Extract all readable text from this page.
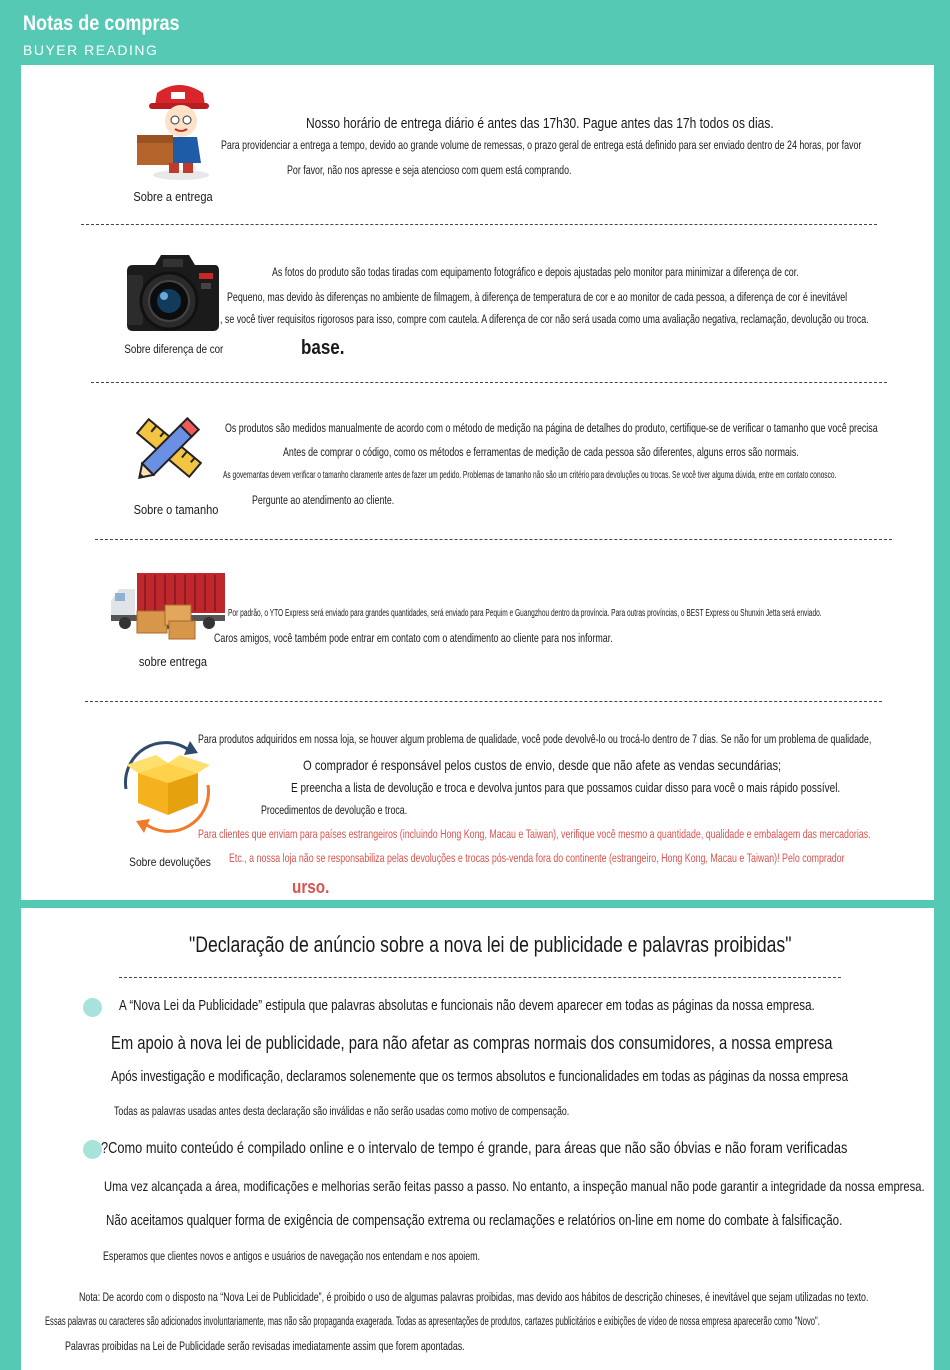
Notas de compras
BUYER READING
Sobre a entrega
Nosso horário de entrega diário é antes das 17h30. Pague antes das 17h todos os dias.
Para providenciar a entrega a tempo, devido ao grande volume de remessas, o prazo geral de entrega está definido para ser enviado dentro de 24 horas, por favor
Por favor, não nos apresse e seja atencioso com quem está comprando.
Sobre diferença de cor
As fotos do produto são todas tiradas com equipamento fotográfico e depois ajustadas pelo monitor para minimizar a diferença de cor.
Pequeno, mas devido às diferenças no ambiente de filmagem, à diferença de temperatura de cor e ao monitor de cada pessoa, a diferença de cor é inevitável
, se você tiver requisitos rigorosos para isso, compre com cautela. A diferença de cor não será usada como uma avaliação negativa, reclamação, devolução ou troca.
base.
Sobre o tamanho
Os produtos são medidos manualmente de acordo com o método de medição na página de detalhes do produto, certifique-se de verificar o tamanho que você precisa
Antes de comprar o código, como os métodos e ferramentas de medição de cada pessoa são diferentes, alguns erros são normais.
As governantas devem verificar o tamanho claramente antes de fazer um pedido. Problemas de tamanho não são um critério para devoluções ou trocas. Se você tiver alguma dúvida, entre em contato conosco.
Pergunte ao atendimento ao cliente.
sobre entrega
Por padrão, o YTO Express será enviado para grandes quantidades, será enviado para Pequim e Guangzhou dentro da província. Para outras províncias, o BEST Express ou Shunxin Jetta será enviado.
Caros amigos, você também pode entrar em contato com o atendimento ao cliente para nos informar.
Sobre devoluções
Para produtos adquiridos em nossa loja, se houver algum problema de qualidade, você pode devolvê-lo ou trocá-lo dentro de 7 dias. Se não for um problema de qualidade,
O comprador é responsável pelos custos de envio, desde que não afete as vendas secundárias;
E preencha a lista de devolução e troca e devolva juntos para que possamos cuidar disso para você o mais rápido possível.
Procedimentos de devolução e troca.
Para clientes que enviam para países estrangeiros (incluindo Hong Kong, Macau e Taiwan), verifique você mesmo a quantidade, qualidade e embalagem das mercadorias.
Etc., a nossa loja não se responsabiliza pelas devoluções e trocas pós-venda fora do continente (estrangeiro, Hong Kong, Macau e Taiwan)! Pelo comprador
urso.
"Declaração de anúncio sobre a nova lei de publicidade e palavras proibidas"
A “Nova Lei da Publicidade” estipula que palavras absolutas e funcionais não devem aparecer em todas as páginas da nossa empresa.
Em apoio à nova lei de publicidade, para não afetar as compras normais dos consumidores, a nossa empresa
Após investigação e modificação, declaramos solenemente que os termos absolutos e funcionalidades em todas as páginas da nossa empresa
Todas as palavras usadas antes desta declaração são inválidas e não serão usadas como motivo de compensação.
?Como muito conteúdo é compilado online e o intervalo de tempo é grande, para áreas que não são óbvias e não foram verificadas
Uma vez alcançada a área, modificações e melhorias serão feitas passo a passo. No entanto, a inspeção manual não pode garantir a integridade da nossa empresa.
Não aceitamos qualquer forma de exigência de compensação extrema ou reclamações e relatórios on-line em nome do combate à falsificação.
Esperamos que clientes novos e antigos e usuários de navegação nos entendam e nos apoiem.
Nota: De acordo com o disposto na “Nova Lei de Publicidade”, é proibido o uso de algumas palavras proibidas, mas devido aos hábitos de descrição chineses, é inevitável que sejam utilizadas no texto.
Essas palavras ou caracteres são adicionados involuntariamente, mas não são propaganda exagerada. Todas as apresentações de produtos, cartazes publicitários e exibições de vídeo de nossa empresa aparecerão como "Novo".
Palavras proibidas na Lei de Publicidade serão revisadas imediatamente assim que forem apontadas.
